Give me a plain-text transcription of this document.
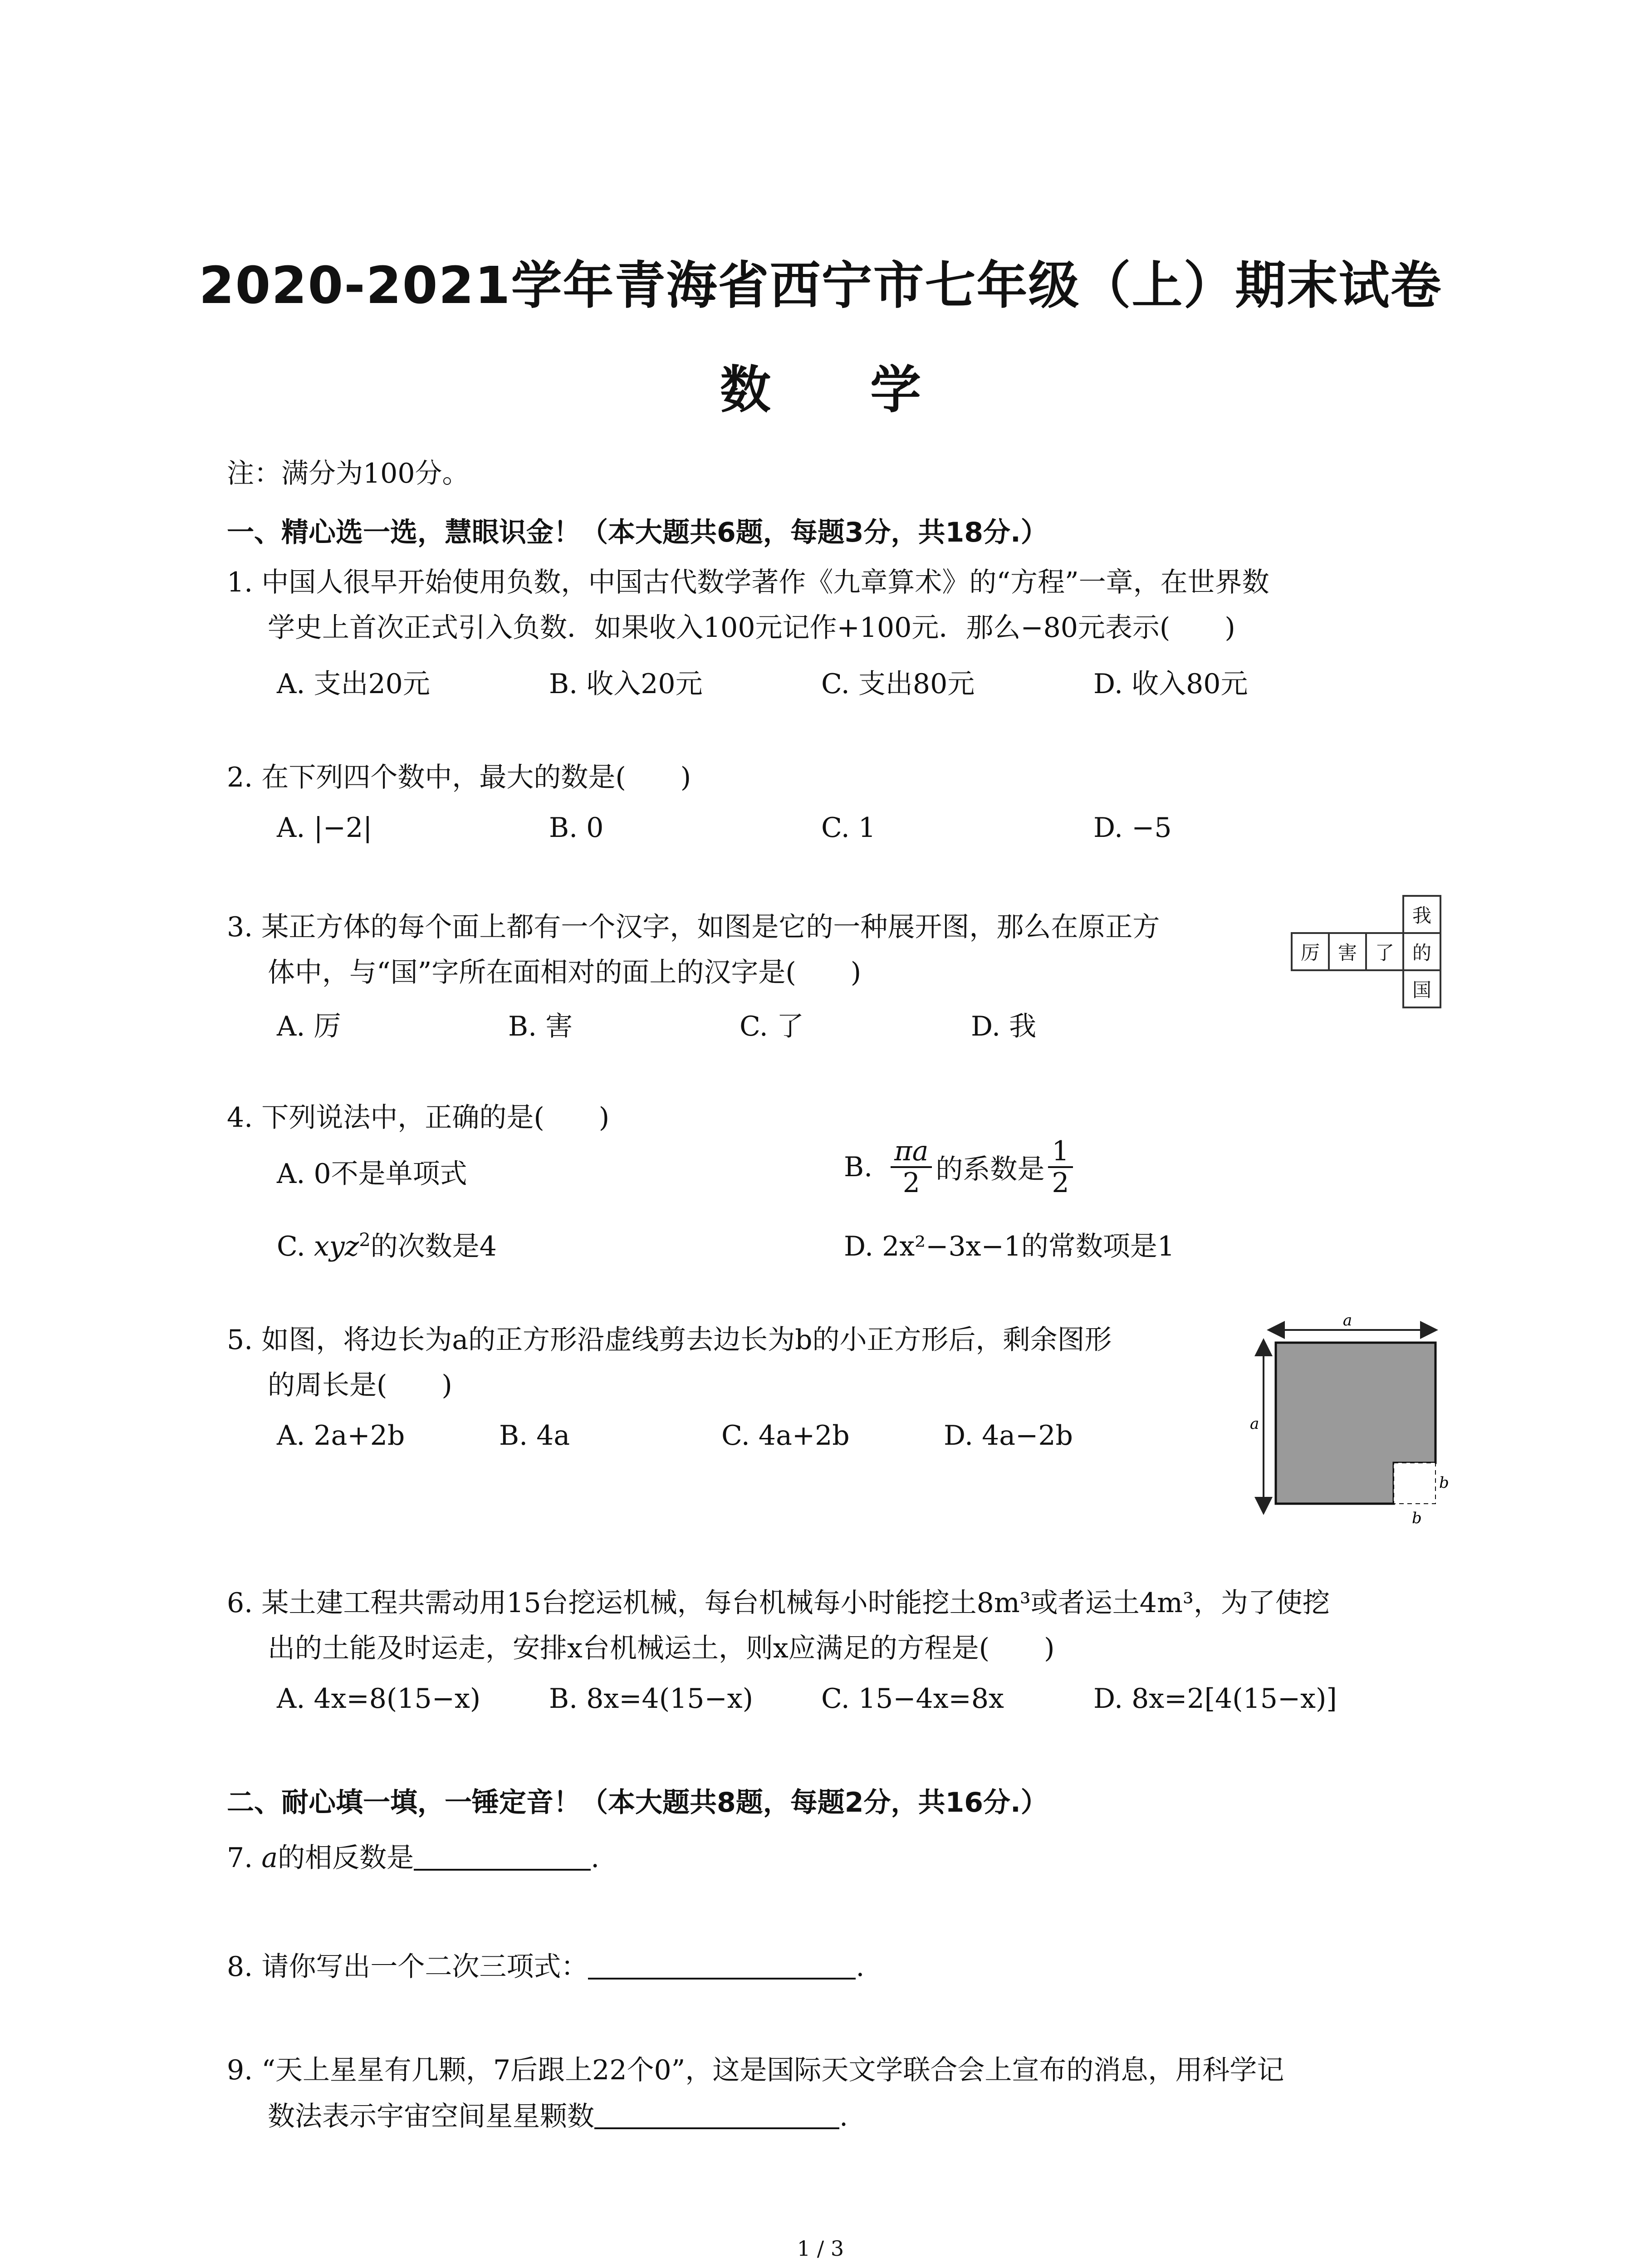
2020-2021学年青海省西宁市七年级（上）期末试卷
数 学
注：满分为100分。
一、精心选一选，慧眼识金！（本大题共6题，每题3分，共18分.）
1. 中国人很早开始使用负数，中国古代数学著作《九章算术》的“方程”一章，在世界数
学史上首次正式引入负数．如果收入100元记作+100元．那么−80元表示(　　)
A. 支出20元	B. 收入20元	C. 支出80元	D. 收入80元
2. 在下列四个数中，最大的数是(　　)
A. |−2|	B. 0	C. 1	D. −5
3. 某正方体的每个面上都有一个汉字，如图是它的一种展开图，那么在原正方
体中，与“国”字所在面相对的面上的汉字是(　　)
A. 厉	B. 害	C. 了	D. 我
厉 害 了
我
的
国
4. 下列说法中，正确的是(　　)
A. 0不是单项式	B. $\frac{\pi a}{2}$ 的系数是 $\frac{1}{2}$
C. xyz$^2$的次数是4	D. 2x²−3x−1的常数项是1
5. 如图，将边长为a的正方形沿虚线剪去边长为b的小正方形后，剩余图形
的周长是(　　)
A. 2a+2b	B. 4a	C. 4a+2b	D. 4a−2b
a
a
b
b
6. 某土建工程共需动用15台挖运机械，每台机械每小时能挖土8m³或者运土4m³，为了使挖
出的土能及时运走，安排x台机械运土，则x应满足的方程是(　　)
A. 4x=8(15−x)	B. 8x=4(15−x)	C. 15−4x=8x	D. 8x=2[4(15−x)]
二、耐心填一填，一锤定音！（本大题共8题，每题2分，共16分.）
7. a的相反数是	.
8. 请你写出一个二次三项式：	.
9. “天上星星有几颗，7后跟上22个0”，这是国际天文学联合会上宣布的消息，用科学记
数法表示宇宙空间星星颗数	.
1 / 3
